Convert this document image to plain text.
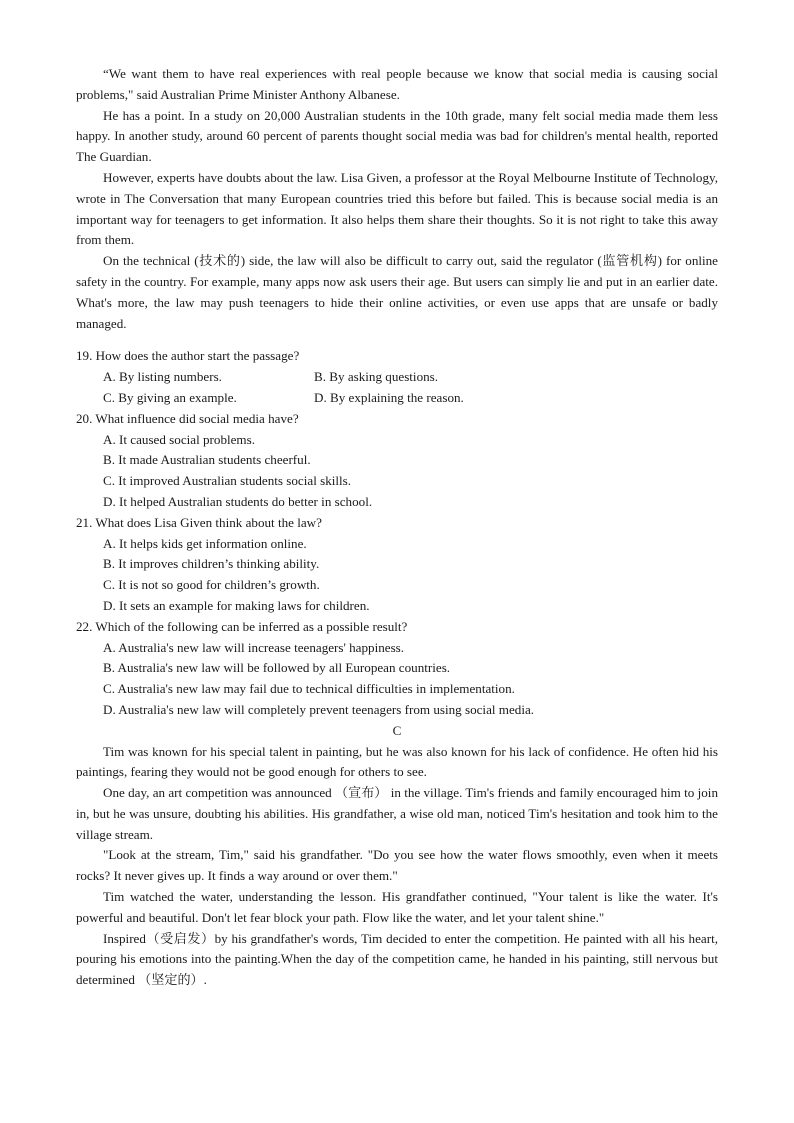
“We want them to have real experiences with real people because we know that social media is causing social problems," said Australian Prime Minister Anthony Albanese.

He has a point. In a study on 20,000 Australian students in the 10th grade, many felt social media made them less happy. In another study, around 60 percent of parents thought social media was bad for children's mental health, reported The Guardian.

However, experts have doubts about the law. Lisa Given, a professor at the Royal Melbourne Institute of Technology, wrote in The Conversation that many European countries tried this before but failed. This is because social media is an important way for teenagers to get information. It also helps them share their thoughts. So it is not right to take this away from them.

On the technical (技术的) side, the law will also be difficult to carry out, said the regulator (监管机构) for online safety in the country. For example, many apps now ask users their age. But users can simply lie and put in an earlier date. What's more, the law may push teenagers to hide their online activities, or even use apps that are unsafe or badly managed.

19. How does the author start the passage?

A. By listing numbers.	B. By asking questions.
C. By giving an example.	D. By explaining the reason.

20. What influence did social media have?

A. It caused social problems.

B. It made Australian students cheerful.

C. It improved Australian students social skills.

D. It helped Australian students do better in school.

21. What does Lisa Given think about the law?

A. It helps kids get information online.

B. It improves children’s thinking ability.

C. It is not so good for children’s growth.

D. It sets an example for making laws for children.

22. Which of the following can be inferred as a possible result?

A. Australia's new law will increase teenagers' happiness.

B. Australia's new law will be followed by all European countries.

C. Australia's new law may fail due to technical difficulties in implementation.

D. Australia's new law will completely prevent teenagers from using social media.

C

Tim was known for his special talent in painting, but he was also known for his lack of confidence. He often hid his paintings, fearing they would not be good enough for others to see.

One day, an art competition was announced （宣布） in the village. Tim's friends and family encouraged him to join in, but he was unsure, doubting his abilities. His grandfather, a wise old man, noticed Tim's hesitation and took him to the village stream.

"Look at the stream, Tim," said his grandfather. "Do you see how the water flows smoothly, even when it meets rocks? It never gives up. It finds a way around or over them."

Tim watched the water, understanding the lesson. His grandfather continued, "Your talent is like the water. It's powerful and beautiful. Don't let fear block your path. Flow like the water, and let your talent shine."

Inspired（受启发）by his grandfather's words, Tim decided to enter the competition. He painted with all his heart, pouring his emotions into the painting.When the day of the competition came, he handed in his painting, still nervous but determined （坚定的）.
